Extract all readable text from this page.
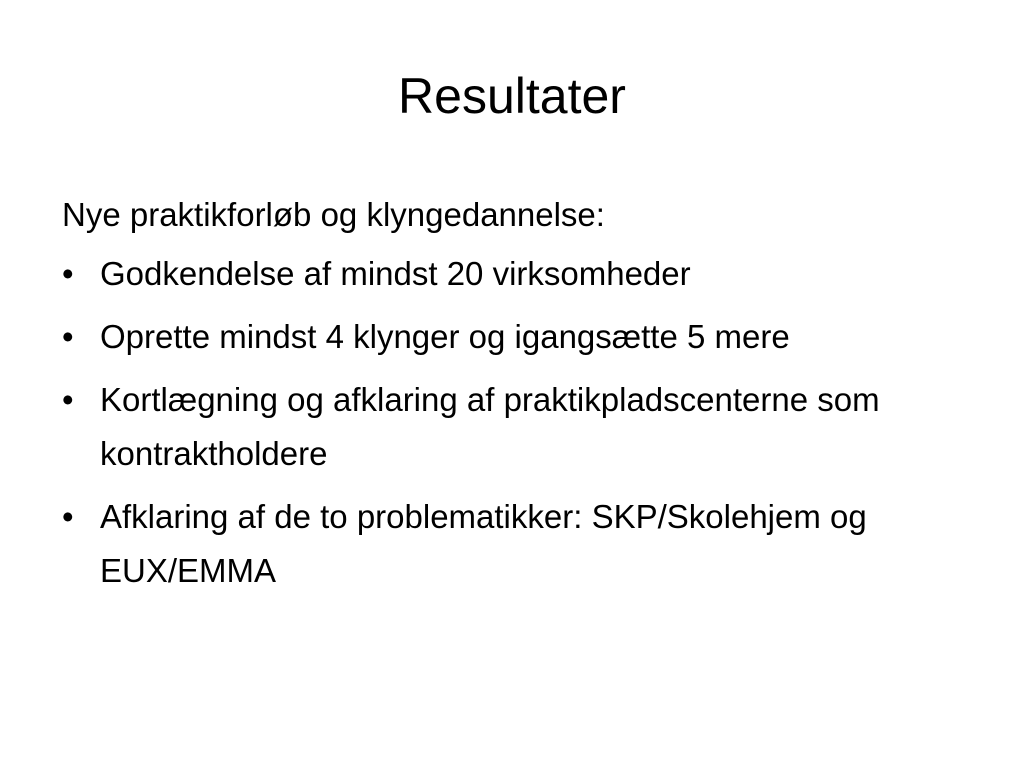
Resultater

Nye praktikforløb og klyngedannelse:

• Godkendelse af mindst 20 virksomheder
• Oprette mindst 4 klynger og igangsætte 5 mere
• Kortlægning og afklaring af praktikpladscenterne som kontraktholdere
• Afklaring af de to problematikker: SKP/Skolehjem og EUX/EMMA
